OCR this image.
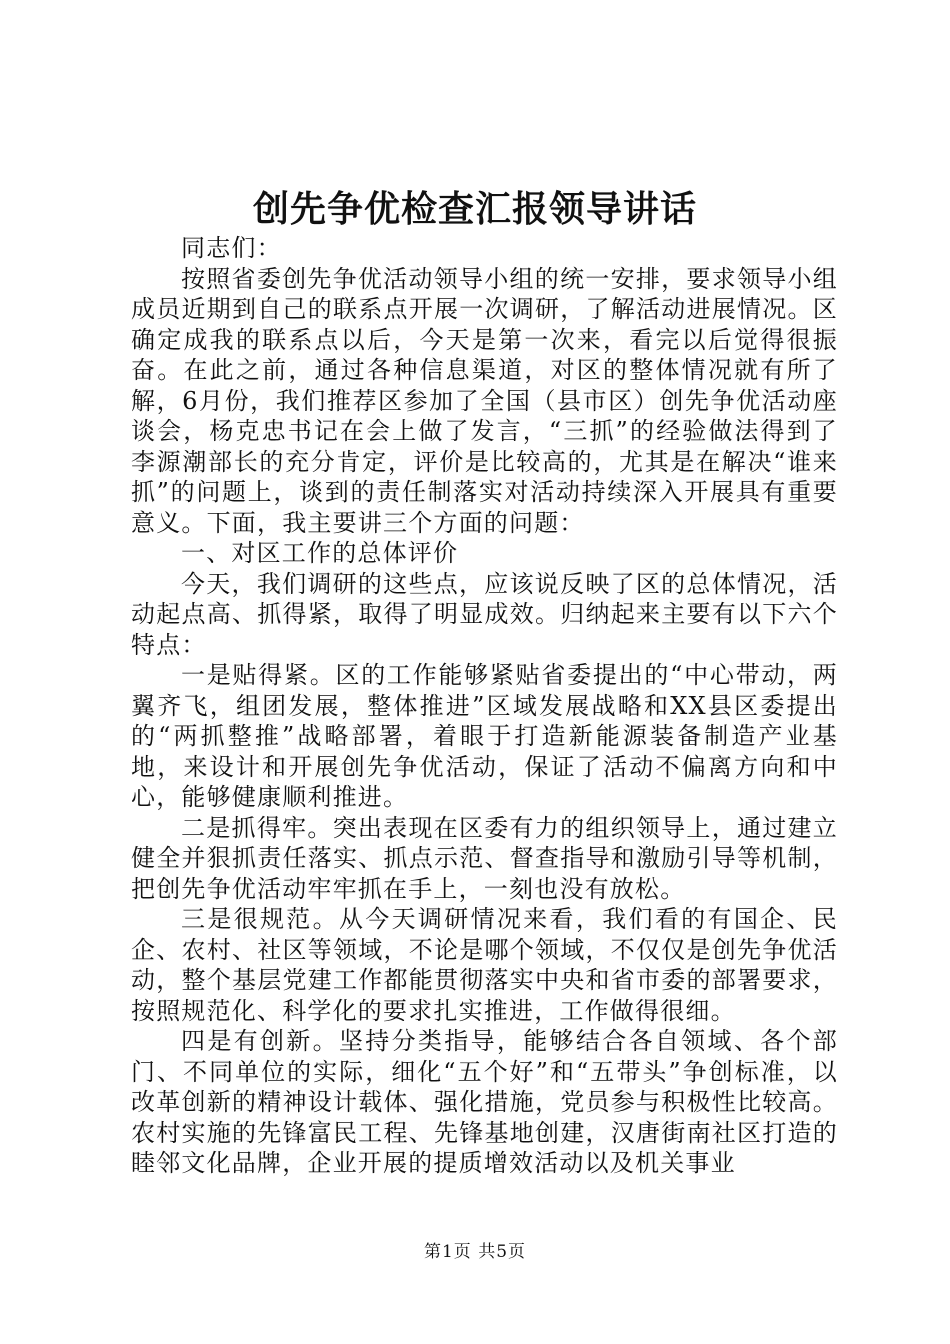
创先争优检查汇报领导讲话

同志们：

按照省委创先争优活动领导小组的统一安排，要求领导小组成员近期到自己的联系点开展一次调研，了解活动进展情况。区确定成我的联系点以后，今天是第一次来，看完以后觉得很振奋。在此之前，通过各种信息渠道，对区的整体情况就有所了解，6月份，我们推荐区参加了全国（县市区）创先争优活动座谈会，杨克忠书记在会上做了发言，“三抓”的经验做法得到了李源潮部长的充分肯定，评价是比较高的，尤其是在解决“谁来抓”的问题上，谈到的责任制落实对活动持续深入开展具有重要意义。下面，我主要讲三个方面的问题：

一、对区工作的总体评价

今天，我们调研的这些点，应该说反映了区的总体情况，活动起点高、抓得紧，取得了明显成效。归纳起来主要有以下六个特点：

一是贴得紧。区的工作能够紧贴省委提出的“中心带动，两翼齐飞，组团发展，整体推进”区域发展战略和XX县区委提出的“两抓整推”战略部署，着眼于打造新能源装备制造产业基地，来设计和开展创先争优活动，保证了活动不偏离方向和中心，能够健康顺利推进。

二是抓得牢。突出表现在区委有力的组织领导上，通过建立健全并狠抓责任落实、抓点示范、督查指导和激励引导等机制，把创先争优活动牢牢抓在手上，一刻也没有放松。

三是很规范。从今天调研情况来看，我们看的有国企、民企、农村、社区等领域，不论是哪个领域，不仅仅是创先争优活动，整个基层党建工作都能贯彻落实中央和省市委的部署要求，按照规范化、科学化的要求扎实推进，工作做得很细。

四是有创新。坚持分类指导，能够结合各自领域、各个部门、不同单位的实际，细化“五个好”和“五带头”争创标准，以改革创新的精神设计载体、强化措施，党员参与积极性比较高。农村实施的先锋富民工程、先锋基地创建，汉唐街南社区打造的睦邻文化品牌，企业开展的提质增效活动以及机关事业

第1页 共5页
